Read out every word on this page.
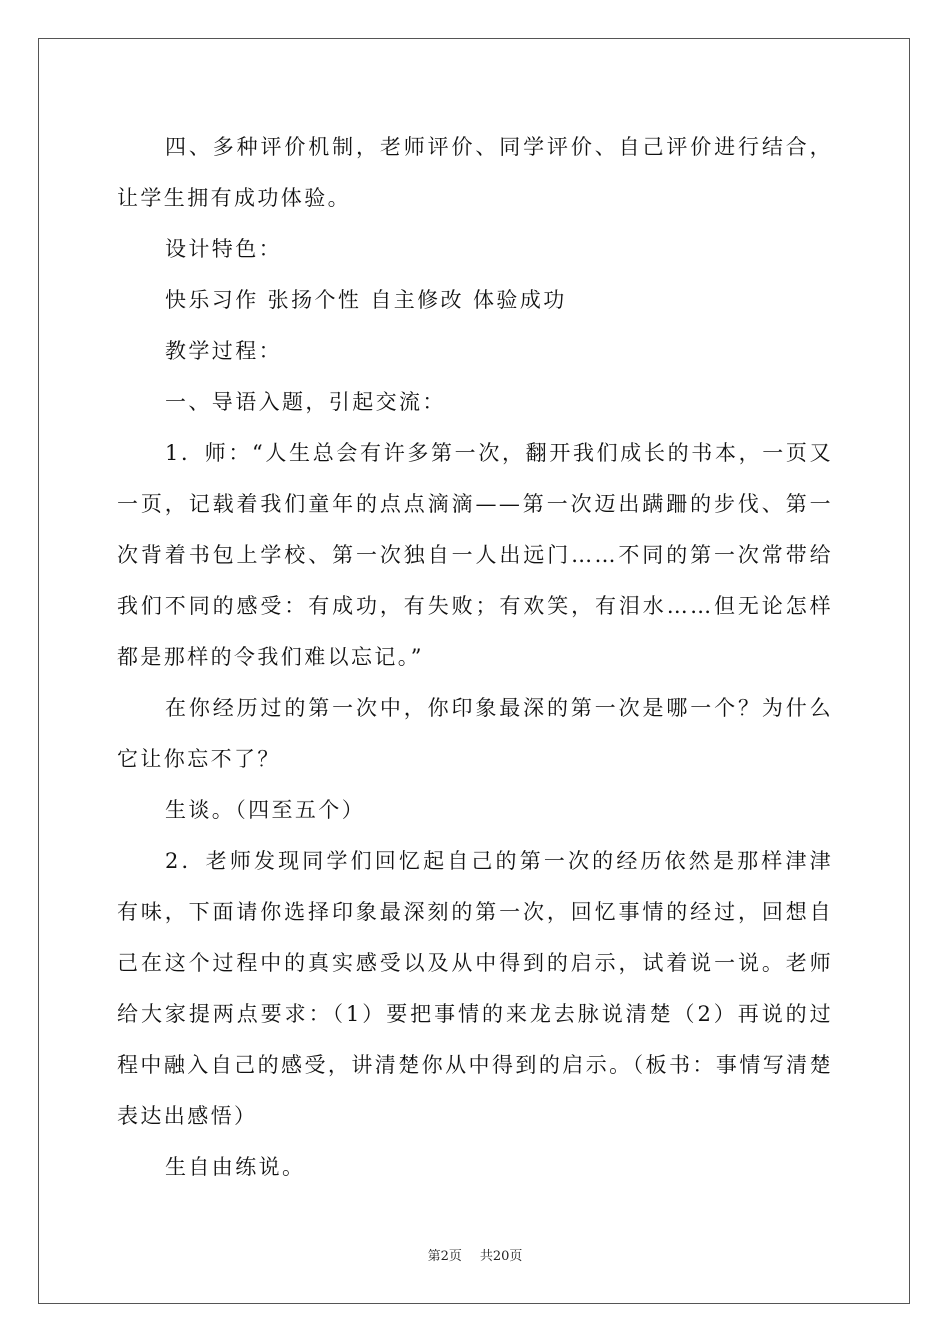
四、多种评价机制，老师评价、同学评价、自己评价进行结合，让学生拥有成功体验。

设计特色：

快乐习作 张扬个性 自主修改 体验成功

教学过程：

一、导语入题，引起交流：

1．师：“人生总会有许多第一次，翻开我们成长的书本，一页又一页，记载着我们童年的点点滴滴——第一次迈出蹒跚的步伐、第一次背着书包上学校、第一次独自一人出远门……不同的第一次常带给我们不同的感受：有成功，有失败；有欢笑，有泪水……但无论怎样都是那样的令我们难以忘记。”

在你经历过的第一次中，你印象最深的第一次是哪一个？为什么它让你忘不了？

生谈。（四至五个）

2．老师发现同学们回忆起自己的第一次的经历依然是那样津津有味，下面请你选择印象最深刻的第一次，回忆事情的经过，回想自己在这个过程中的真实感受以及从中得到的启示，试着说一说。老师给大家提两点要求：（1）要把事情的来龙去脉说清楚（2）再说的过程中融入自己的感受，讲清楚你从中得到的启示。（板书：事情写清楚表达出感悟）

生自由练说。

第2页 共20页
